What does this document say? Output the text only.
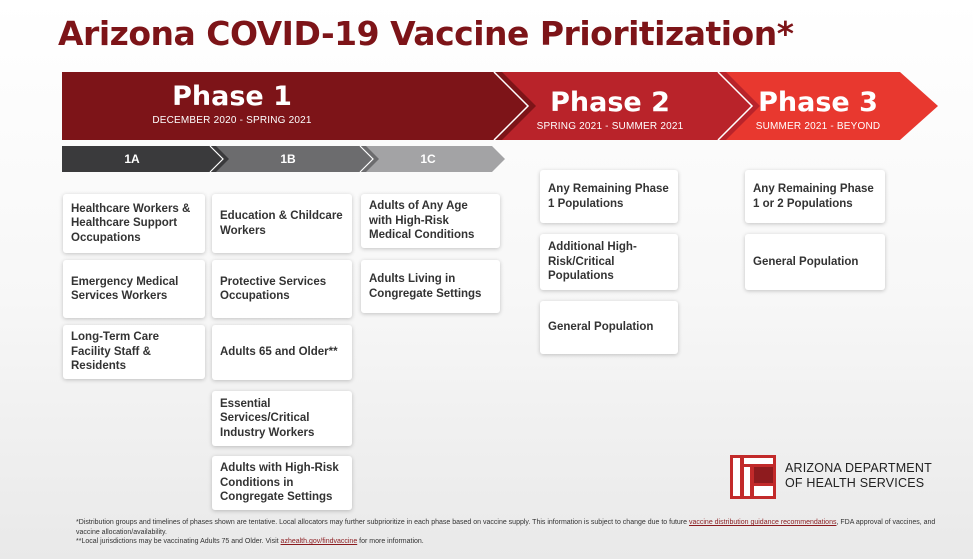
Arizona COVID-19 Vaccine Prioritization*
Phase 1
DECEMBER 2020 - SPRING 2021
Phase 2
SPRING 2021 - SUMMER 2021
Phase 3
SUMMER 2021 - BEYOND
1A	1B	1C
Healthcare Workers & Healthcare Support Occupations
Emergency Medical Services Workers
Long-Term Care Facility Staff & Residents
Education & Childcare Workers
Protective Services Occupations
Adults 65 and Older**
Essential Services/Critical Industry Workers
Adults with High-Risk Conditions in Congregate Settings
Adults of Any Age with High-Risk Medical Conditions
Adults Living in Congregate Settings
Any Remaining Phase 1 Populations
Additional High-Risk/Critical Populations
General Population
Any Remaining Phase 1 or 2 Populations
General Population
ARIZONA DEPARTMENT
OF HEALTH SERVICES
*Distribution groups and timelines of phases shown are tentative. Local allocators may further subprioritize in each phase based on vaccine supply. This information is subject to change due to future vaccine distribution guidance recommendations, FDA approval of vaccines, and vaccine allocation/availability.
**Local jurisdictions may be vaccinating Adults 75 and Older. Visit azhealth.gov/findvaccine for more information.
